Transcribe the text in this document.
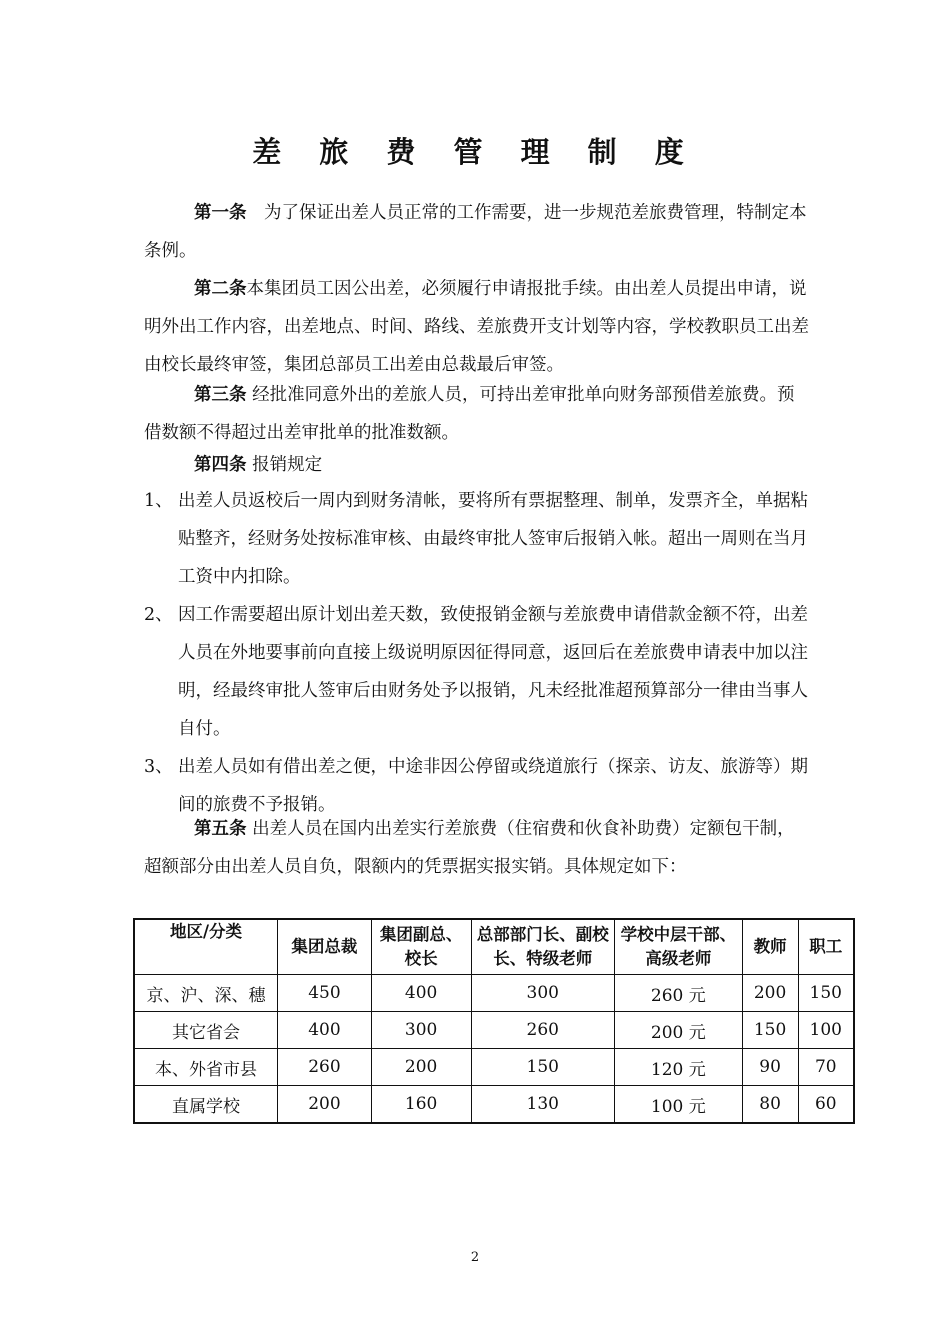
差 旅 费 管 理 制 度
第一条　为了保证出差人员正常的工作需要，进一步规范差旅费管理，特制定本条例。
第二条本集团员工因公出差，必须履行申请报批手续。由出差人员提出申请，说明外出工作内容，出差地点、时间、路线、差旅费开支计划等内容，学校教职员工出差由校长最终审签，集团总部员工出差由总裁最后审签。
第三条 经批准同意外出的差旅人员，可持出差审批单向财务部预借差旅费。预借数额不得超过出差审批单的批准数额。
第四条 报销规定
1、 出差人员返校后一周内到财务清帐，要将所有票据整理、制单，发票齐全，单据粘贴整齐，经财务处按标准审核、由最终审批人签审后报销入帐。超出一周则在当月工资中内扣除。
2、 因工作需要超出原计划出差天数，致使报销金额与差旅费申请借款金额不符，出差人员在外地要事前向直接上级说明原因征得同意，返回后在差旅费申请表中加以注明，经最终审批人签审后由财务处予以报销，凡未经批准超预算部分一律由当事人自付。
3、 出差人员如有借出差之便，中途非因公停留或绕道旅行（探亲、访友、旅游等）期间的旅费不予报销。
第五条 出差人员在国内出差实行差旅费（住宿费和伙食补助费）定额包干制，超额部分由出差人员自负，限额内的凭票据实报实销。具体规定如下：
地区/分类	集团总裁	集团副总、校长	总部部门长、副校长、特级老师	学校中层干部、高级老师	教师	职工
京、沪、深、穗	450	400	300	260 元	200	150
其它省会	400	300	260	200 元	150	100
本、外省市县	260	200	150	120 元	90	70
直属学校	200	160	130	100 元	80	60
2
